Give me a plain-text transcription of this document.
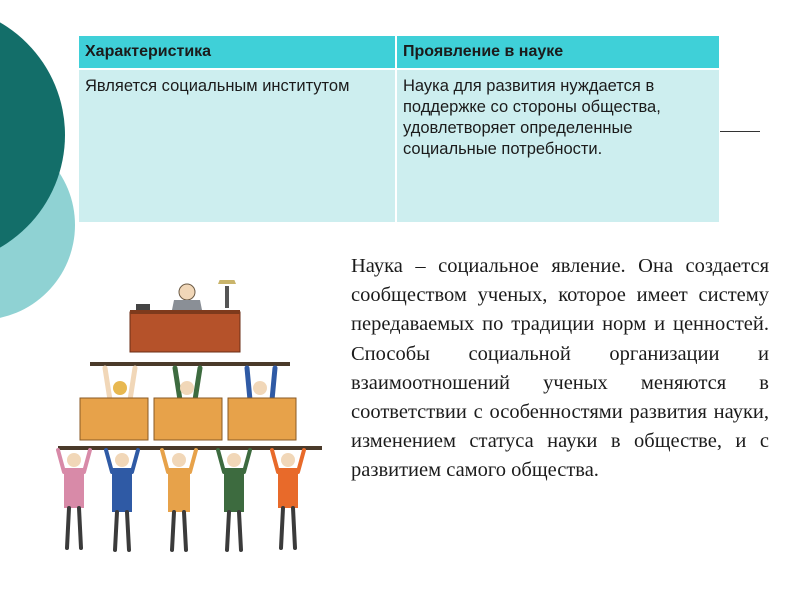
Характеристика	Проявление в науке
Является социальным институтом	Наука для развития нуждается в поддержке со стороны общества, удовлетворяет определенные социальные потребности.

Наука – социальное явление. Она создается сообществом ученых, которое имеет систему передаваемых по традиции норм и ценностей. Способы социальной организации и взаимоотношений ученых меняются в соответствии с особенностями развития науки, изменением статуса науки в обществе, и с развитием самого общества.
